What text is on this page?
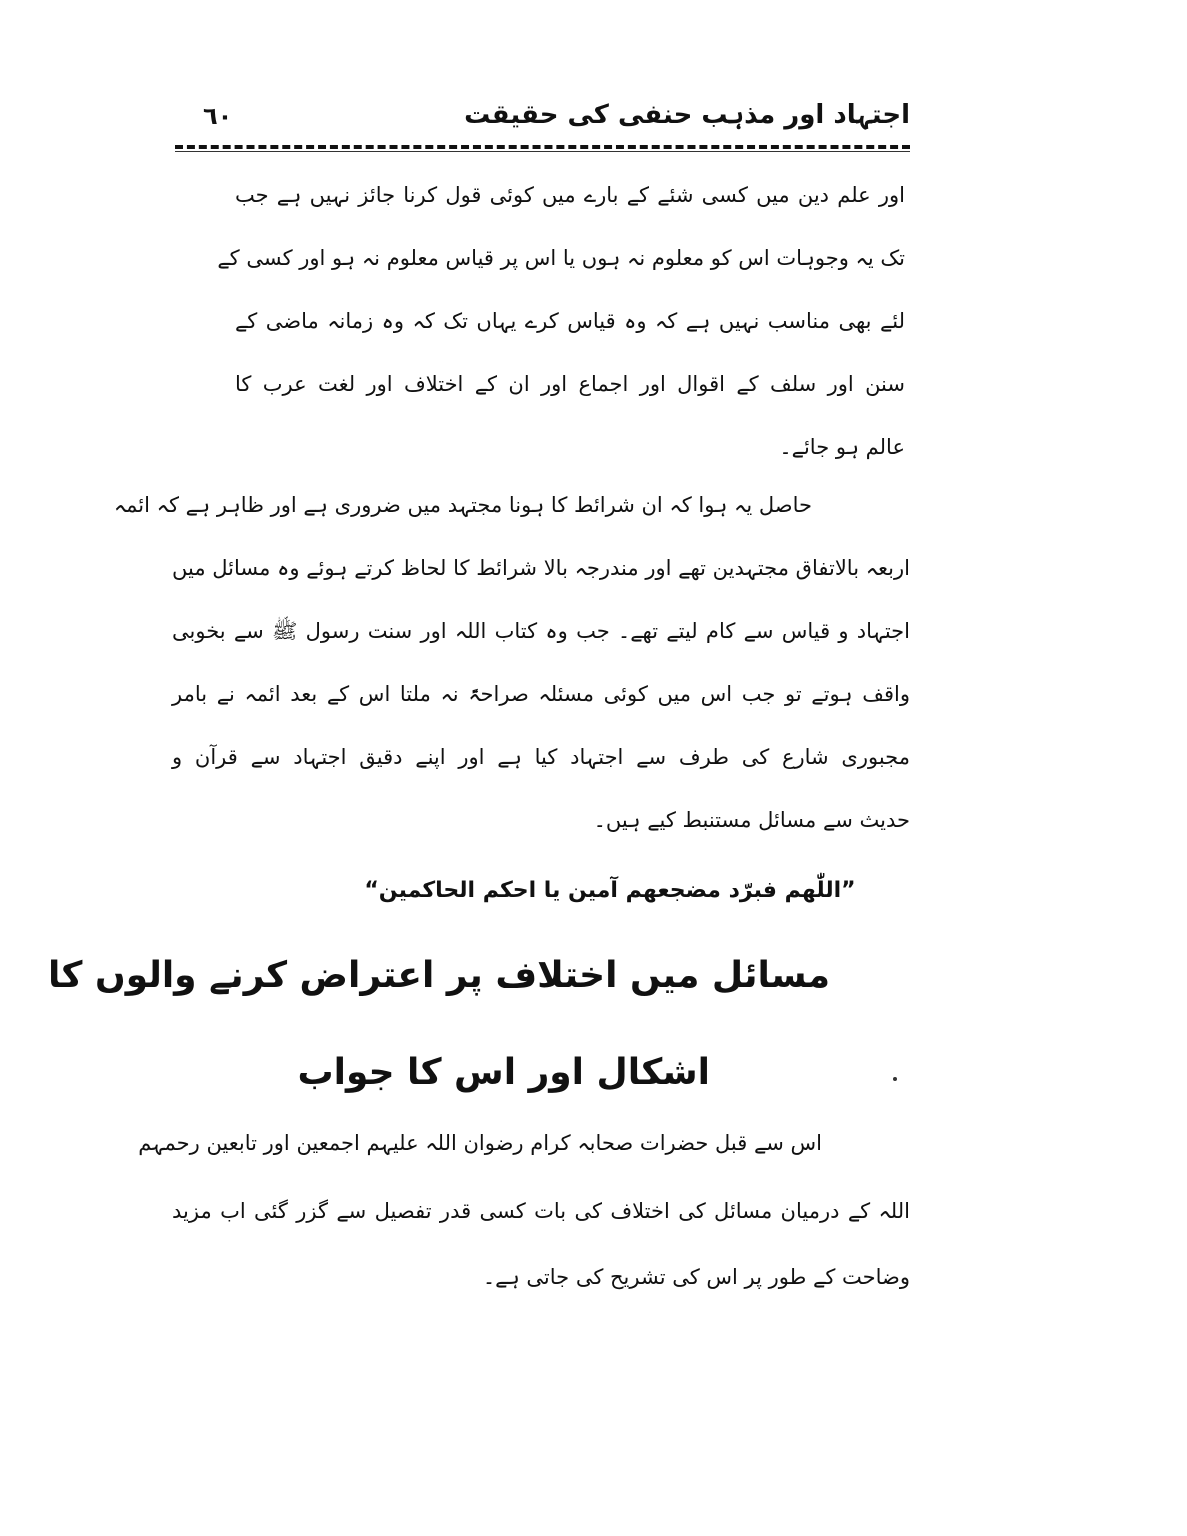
اجتہاد اور مذہب حنفی کی حقیقت
٦٠
اور علم دین میں کسی شئے کے بارے میں کوئی قول کرنا جائز نہیں ہے جب
تک یہ وجوہات اس کو معلوم نہ ہوں یا اس پر قیاس معلوم نہ ہو اور کسی کے
لئے بھی مناسب نہیں ہے کہ وہ قیاس کرے یہاں تک کہ وہ زمانہ ماضی کے
سنن اور سلف کے اقوال اور اجماع اور ان کے اختلاف اور لغت عرب کا
عالم ہو جائے۔
حاصل یہ ہوا کہ ان شرائط کا ہونا مجتہد میں ضروری ہے اور ظاہر ہے کہ ائمہ
اربعہ بالاتفاق مجتہدین تھے اور مندرجہ بالا شرائط کا لحاظ کرتے ہوئے وہ مسائل میں
اجتہاد و قیاس سے کام لیتے تھے۔ جب وہ کتاب اللہ اور سنت رسول ﷺ سے بخوبی
واقف ہوتے تو جب اس میں کوئی مسئلہ صراحۃً نہ ملتا اس کے بعد ائمہ نے بامر
مجبوری شارع کی طرف سے اجتہاد کیا ہے اور اپنے دقیق اجتہاد سے قرآن و
حدیث سے مسائل مستنبط کیے ہیں۔
”اللّٰھم فبرّد مضجعھم آمین یا احکم الحاکمین“
مسائل میں اختلاف پر اعتراض کرنے والوں کا
اشکال اور اس کا جواب
اس سے قبل حضرات صحابہ کرام رضوان اللہ علیہم اجمعین اور تابعین رحمہم
اللہ کے درمیان مسائل کی اختلاف کی بات کسی قدر تفصیل سے گزر گئی اب مزید
وضاحت کے طور پر اس کی تشریح کی جاتی ہے۔
